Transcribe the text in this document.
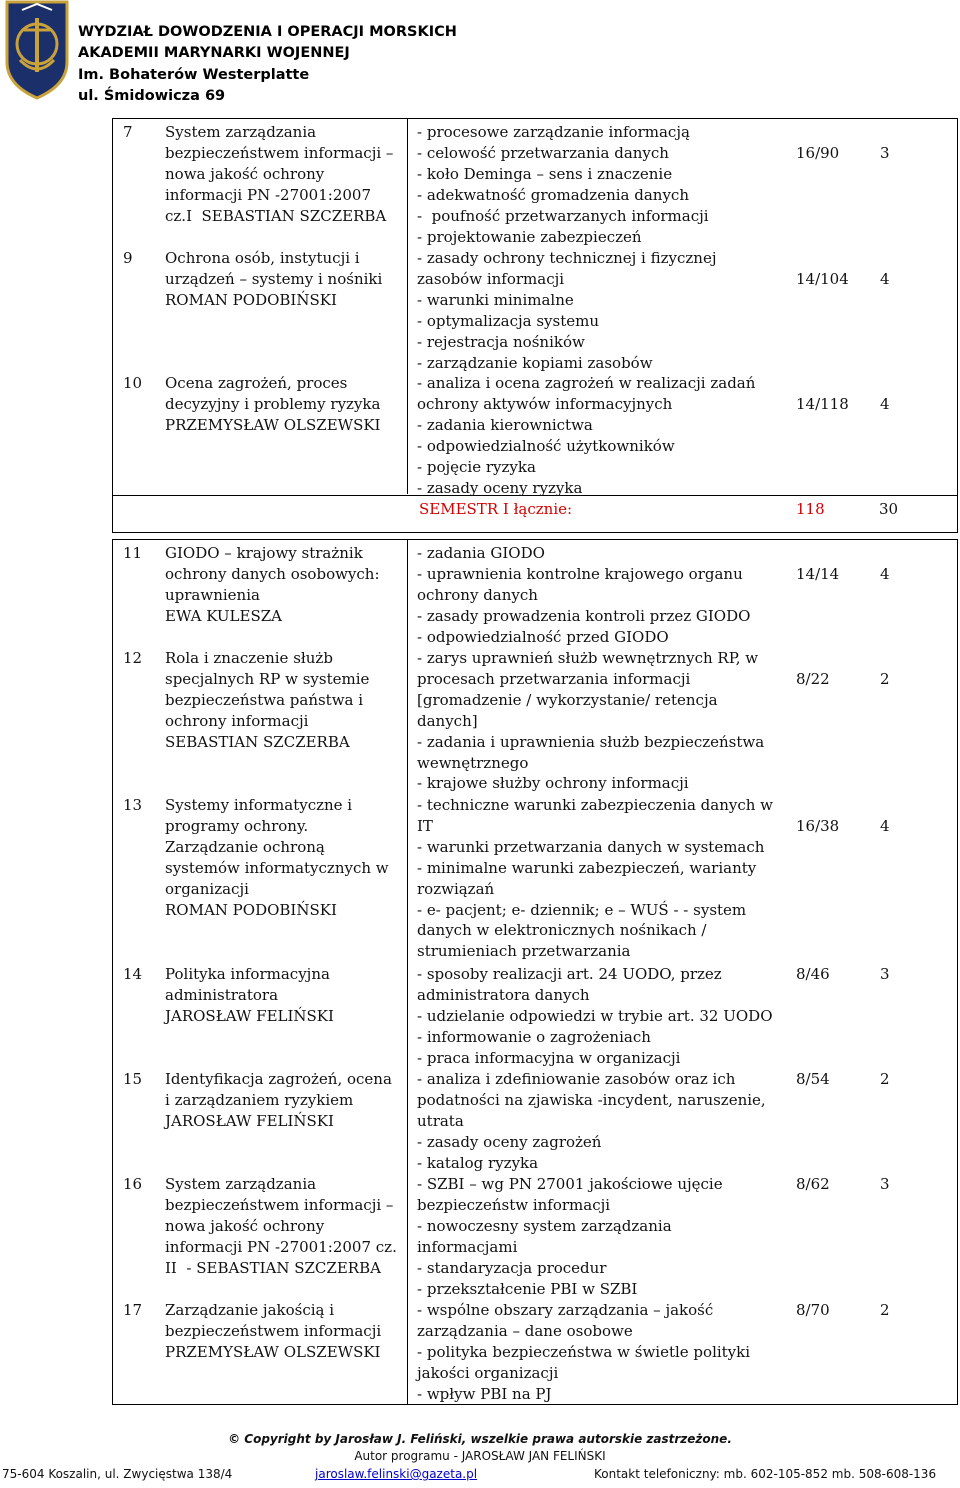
WYDZIAŁ DOWODZENIA I OPERACJI MORSKICH
AKADEMII MARYNARKI WOJENNEJ
Im. Bohaterów Westerplatte
ul. Śmidowicza 69
7 System zarządzania
bezpieczeństwem informacji –
nowa jakość ochrony
informacji PN -27001:2007
cz.I  SEBASTIAN SZCZERBA
- procesowe zarządzanie informacją
- celowość przetwarzania danych
- koło Deminga – sens i znaczenie
- adekwatność gromadzenia danych
-  poufność przetwarzanych informacji
- projektowanie zabezpieczeń
16/90	3
9 Ochrona osób, instytucji i
urządzeń – systemy i nośniki
ROMAN PODOBIŃSKI
- zasady ochrony technicznej i fizycznej
zasobów informacji
- warunki minimalne
- optymalizacja systemu
- rejestracja nośników
- zarządzanie kopiami zasobów
14/104 4
10 Ocena zagrożeń, proces
decyzyjny i problemy ryzyka
PRZEMYSŁAW OLSZEWSKI
- analiza i ocena zagrożeń w realizacji zadań
ochrony aktywów informacyjnych
- zadania kierownictwa
- odpowiedzialność użytkowników
- pojęcie ryzyka
- zasady oceny ryzyka
14/118 4
SEMESTR I łącznie:	118	30
11 GIODO – krajowy strażnik
ochrony danych osobowych:
uprawnienia
EWA KULESZA
- zadania GIODO
- uprawnienia kontrolne krajowego organu
ochrony danych
- zasady prowadzenia kontroli przez GIODO
- odpowiedzialność przed GIODO
14/14	4
12 Rola i znaczenie służb
specjalnych RP w systemie
bezpieczeństwa państwa i
ochrony informacji
SEBASTIAN SZCZERBA
- zarys uprawnień służb wewnętrznych RP, w
procesach przetwarzania informacji
[gromadzenie / wykorzystanie/ retencja
danych]
- zadania i uprawnienia służb bezpieczeństwa
wewnętrznego
- krajowe służby ochrony informacji
8/22	2
13 Systemy informatyczne i
programy ochrony.
Zarządzanie ochroną
systemów informatycznych w
organizacji
ROMAN PODOBIŃSKI
- techniczne warunki zabezpieczenia danych w
IT
- warunki przetwarzania danych w systemach
- minimalne warunki zabezpieczeń, warianty
rozwiązań
- e- pacjent; e- dziennik; e – WUŚ - - system
danych w elektronicznych nośnikach /
strumieniach przetwarzania
16/38	4
14 Polityka informacyjna
administratora
JAROSŁAW FELIŃSKI
- sposoby realizacji art. 24 UODO, przez
administratora danych
- udzielanie odpowiedzi w trybie art. 32 UODO
- informowanie o zagrożeniach
- praca informacyjna w organizacji
8/46	3
15 Identyfikacja zagrożeń, ocena
i zarządzaniem ryzykiem
JAROSŁAW FELIŃSKI
- analiza i zdefiniowanie zasobów oraz ich
podatności na zjawiska -incydent, naruszenie,
utrata
- zasady oceny zagrożeń
- katalog ryzyka
8/54	2
16 System zarządzania
bezpieczeństwem informacji –
nowa jakość ochrony
informacji PN -27001:2007 cz.
II  - SEBASTIAN SZCZERBA
- SZBI – wg PN 27001 jakościowe ujęcie
bezpieczeństw informacji
- nowoczesny system zarządzania
informacjami
- standaryzacja procedur
- przekształcenie PBI w SZBI
8/62	3
17 Zarządzanie jakością i
bezpieczeństwem informacji
PRZEMYSŁAW OLSZEWSKI
- wspólne obszary zarządzania – jakość
zarządzania – dane osobowe
- polityka bezpieczeństwa w świetle polityki
jakości organizacji
- wpływ PBI na PJ
8/70	2
© Copyright by Jarosław J. Feliński, wszelkie prawa autorskie zastrzeżone.
Autor programu - JAROSŁAW JAN FELIŃSKI
75-604 Koszalin, ul. Zwycięstwa 138/4	jaroslaw.felinski@gazeta.pl	Kontakt telefoniczny: mb. 602-105-852 mb. 508-608-136
